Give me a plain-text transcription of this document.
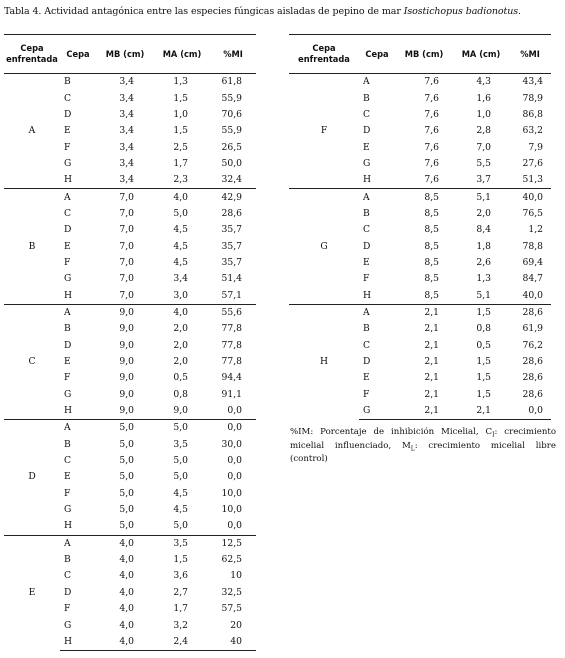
Tabla 4. Actividad antagónica entre las especies fúngicas aisladas de pepino de mar Isostichopus badionotus.
Cepa
enfrentada	Cepa	MB (cm)	MA (cm)	%MI
A	B	3,4	1,3	61,8
	C	3,4	1,5	55,9
	D	3,4	1,0	70,6
	E	3,4	1,5	55,9
	F	3,4	2,5	26,5
	G	3,4	1,7	50,0
	H	3,4	2,3	32,4
B	A	7,0	4,0	42,9
	C	7,0	5,0	28,6
	D	7,0	4,5	35,7
	E	7,0	4,5	35,7
	F	7,0	4,5	35,7
	G	7,0	3,4	51,4
	H	7,0	3,0	57,1
C	A	9,0	4,0	55,6
	B	9,0	2,0	77,8
	D	9,0	2,0	77,8
	E	9,0	2,0	77,8
	F	9,0	0,5	94,4
	G	9,0	0,8	91,1
	H	9,0	9,0	0,0
D	A	5,0	5,0	0,0
	B	5,0	3,5	30,0
	C	5,0	5,0	0,0
	E	5,0	5,0	0,0
	F	5,0	4,5	10,0
	G	5,0	4,5	10,0
	H	5,0	5,0	0,0
E	A	4,0	3,5	12,5
	B	4,0	1,5	62,5
	C	4,0	3,6	10
	D	4,0	2,7	32,5
	F	4,0	1,7	57,5
	G	4,0	3,2	20
	H	4,0	2,4	40
Cepa
enfrentada	Cepa	MB (cm)	MA (cm)	%MI
F	A	7,6	4,3	43,4
	B	7,6	1,6	78,9
	C	7,6	1,0	86,8
	D	7,6	2,8	63,2
	E	7,6	7,0	7,9
	G	7,6	5,5	27,6
	H	7,6	3,7	51,3
G	A	8,5	5,1	40,0
	B	8,5	2,0	76,5
	C	8,5	8,4	1,2
	D	8,5	1,8	78,8
	E	8,5	2,6	69,4
	F	8,5	1,3	84,7
	H	8,5	5,1	40,0
H	A	2,1	1,5	28,6
	B	2,1	0,8	61,9
	C	2,1	0,5	76,2
	D	2,1	1,5	28,6
	E	2,1	1,5	28,6
	F	2,1	1,5	28,6
	G	2,1	2,1	0,0
%IM: Porcentaje de inhibición Micelial, $C_I$: crecimiento micelial influenciado, $M_L$: crecimiento micelial libre (control)
